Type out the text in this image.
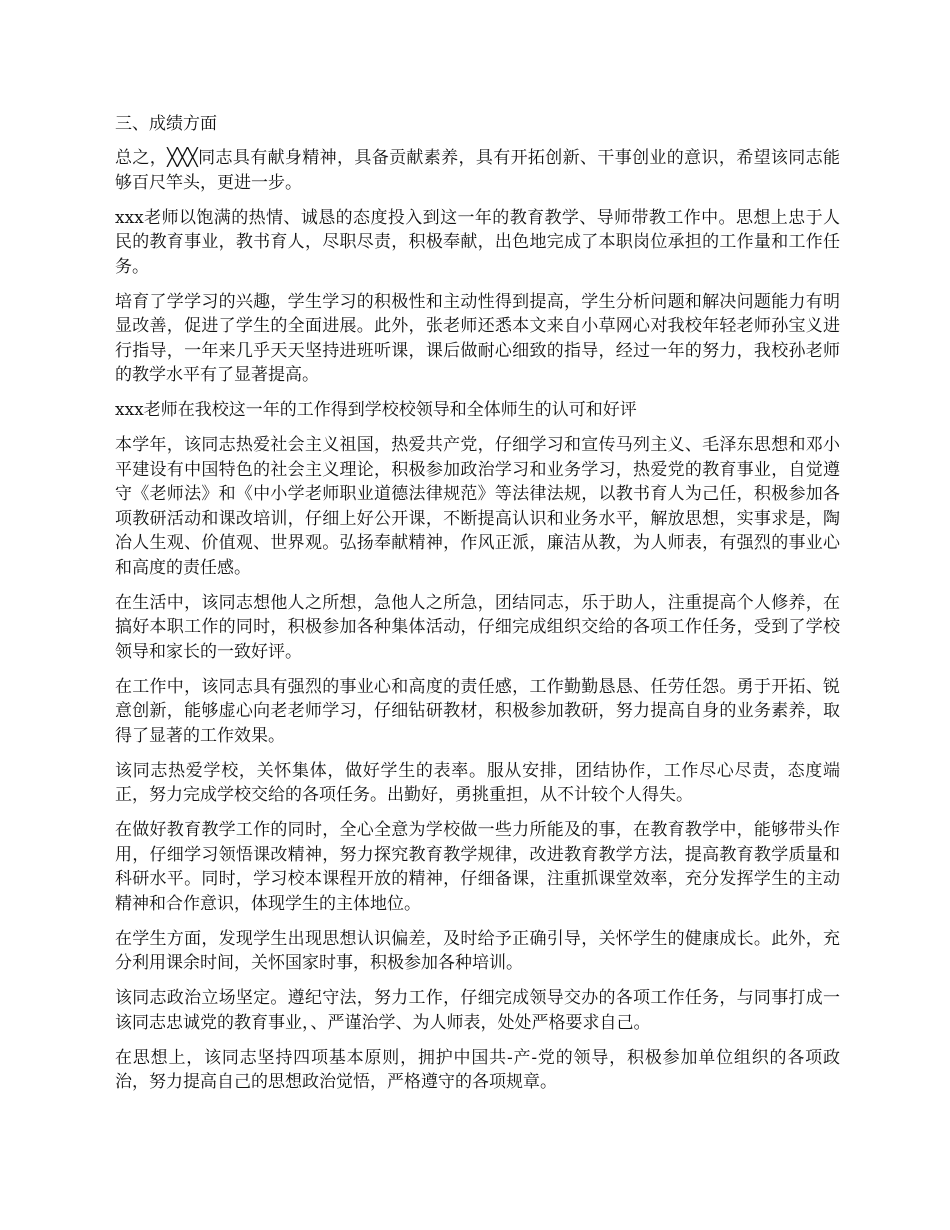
三、成绩方面

总之，╳╳╳同志具有献身精神，具备贡献素养，具有开拓创新、干事创业的意识，希望该同志能够百尺竿头，更进一步。

xxx老师以饱满的热情、诚恳的态度投入到这一年的教育教学、导师带教工作中。思想上忠于人民的教育事业，教书育人，尽职尽责，积极奉献，出色地完成了本职岗位承担的工作量和工作任务。

培育了学学习的兴趣，学生学习的积极性和主动性得到提高，学生分析问题和解决问题能力有明显改善，促进了学生的全面进展。此外，张老师还悉本文来自小草网心对我校年轻老师孙宝义进行指导，一年来几乎天天坚持进班听课，课后做耐心细致的指导，经过一年的努力，我校孙老师的教学水平有了显著提高。

xxx老师在我校这一年的工作得到学校校领导和全体师生的认可和好评

本学年，该同志热爱社会主义祖国，热爱共产党，仔细学习和宣传马列主义、毛泽东思想和邓小平建设有中国特色的社会主义理论，积极参加政治学习和业务学习，热爱党的教育事业，自觉遵守《老师法》和《中小学老师职业道德法律规范》等法律法规，以教书育人为己任，积极参加各项教研活动和课改培训，仔细上好公开课，不断提高认识和业务水平，解放思想，实事求是，陶冶人生观、价值观、世界观。弘扬奉献精神，作风正派，廉洁从教，为人师表，有强烈的事业心和高度的责任感。

在生活中，该同志想他人之所想，急他人之所急，团结同志，乐于助人，注重提高个人修养，在搞好本职工作的同时，积极参加各种集体活动，仔细完成组织交给的各项工作任务，受到了学校领导和家长的一致好评。

在工作中，该同志具有强烈的事业心和高度的责任感，工作勤勤恳恳、任劳任怨。勇于开拓、锐意创新，能够虚心向老老师学习，仔细钻研教材，积极参加教研，努力提高自身的业务素养，取得了显著的工作效果。

该同志热爱学校，关怀集体，做好学生的表率。服从安排，团结协作，工作尽心尽责，态度端正，努力完成学校交给的各项任务。出勤好，勇挑重担，从不计较个人得失。

在做好教育教学工作的同时，全心全意为学校做一些力所能及的事，在教育教学中，能够带头作用，仔细学习领悟课改精神，努力探究教育教学规律，改进教育教学方法，提高教育教学质量和科研水平。同时，学习校本课程开放的精神，仔细备课，注重抓课堂效率，充分发挥学生的主动精神和合作意识，体现学生的主体地位。

在学生方面，发现学生出现思想认识偏差，及时给予正确引导，关怀学生的健康成长。此外，充分利用课余时间，关怀国家时事，积极参加各种培训。

该同志政治立场坚定。遵纪守法，努力工作，仔细完成领导交办的各项工作任务，与同事打成一该同志忠诚党的教育事业，、严谨治学、为人师表，处处严格要求自己。

在思想上，该同志坚持四项基本原则，拥护中国共-产-党的领导，积极参加单位组织的各项政治，努力提高自己的思想政治觉悟，严格遵守的各项规章。
